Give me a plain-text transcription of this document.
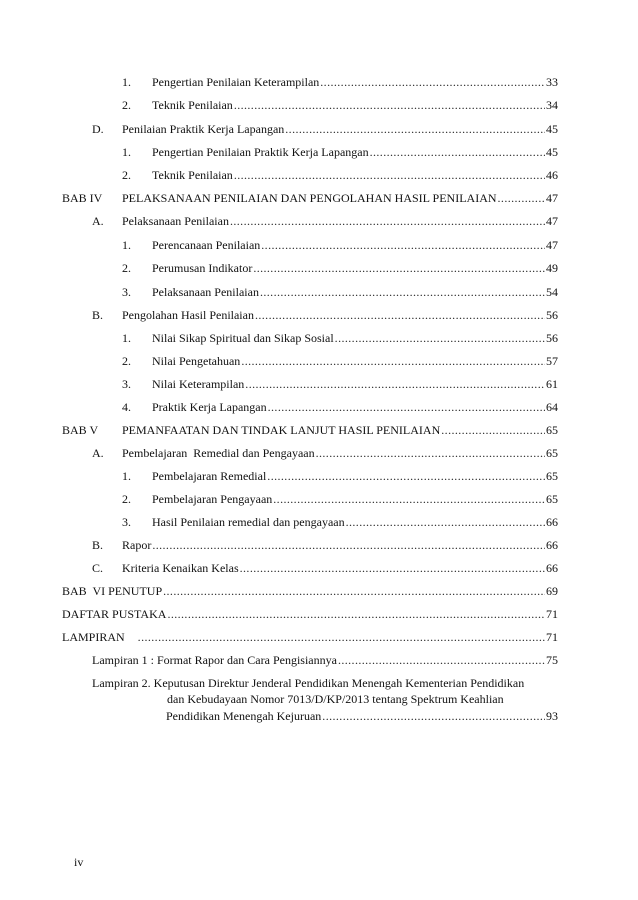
1.	Pengertian Penilaian Keterampilan .....	33
2.	Teknik Penilaian .....	34
D.	Penilaian Praktik Kerja Lapangan .....	45
1.	Pengertian Penilaian Praktik Kerja Lapangan .....	45
2.	Teknik Penilaian .....	46
BAB IV	PELAKSANAAN PENILAIAN DAN PENGOLAHAN HASIL PENILAIAN .....	47
A.	Pelaksanaan Penilaian .....	47
1.	Perencanaan Penilaian .....	47
2.	Perumusan Indikator .....	49
3.	Pelaksanaan Penilaian .....	54
B.	Pengolahan Hasil Penilaian .....	56
1.	Nilai Sikap Spiritual dan Sikap Sosial .....	56
2.	Nilai Pengetahuan .....	57
3.	Nilai Keterampilan .....	61
4.	Praktik Kerja Lapangan .....	64
BAB V	PEMANFAATAN DAN TINDAK LANJUT HASIL PENILAIAN .....	65
A.	Pembelajaran  Remedial dan Pengayaan .....	65
1.	Pembelajaran Remedial .....	65
2.	Pembelajaran Pengayaan .....	65
3.	Hasil Penilaian remedial dan pengayaan .....	66
B.	Rapor .....	66
C.	Kriteria Kenaikan Kelas .....	66
BAB  VI PENUTUP .....	69
DAFTAR PUSTAKA .....	71
LAMPIRAN .....	71
Lampiran 1 : Format Rapor dan Cara Pengisiannya .....	75
Lampiran 2. Keputusan Direktur Jenderal Pendidikan Menengah Kementerian Pendidikan
dan Kebudayaan Nomor 7013/D/KP/2013 tentang Spektrum Keahlian
Pendidikan Menengah Kejuruan .....	93
iv
